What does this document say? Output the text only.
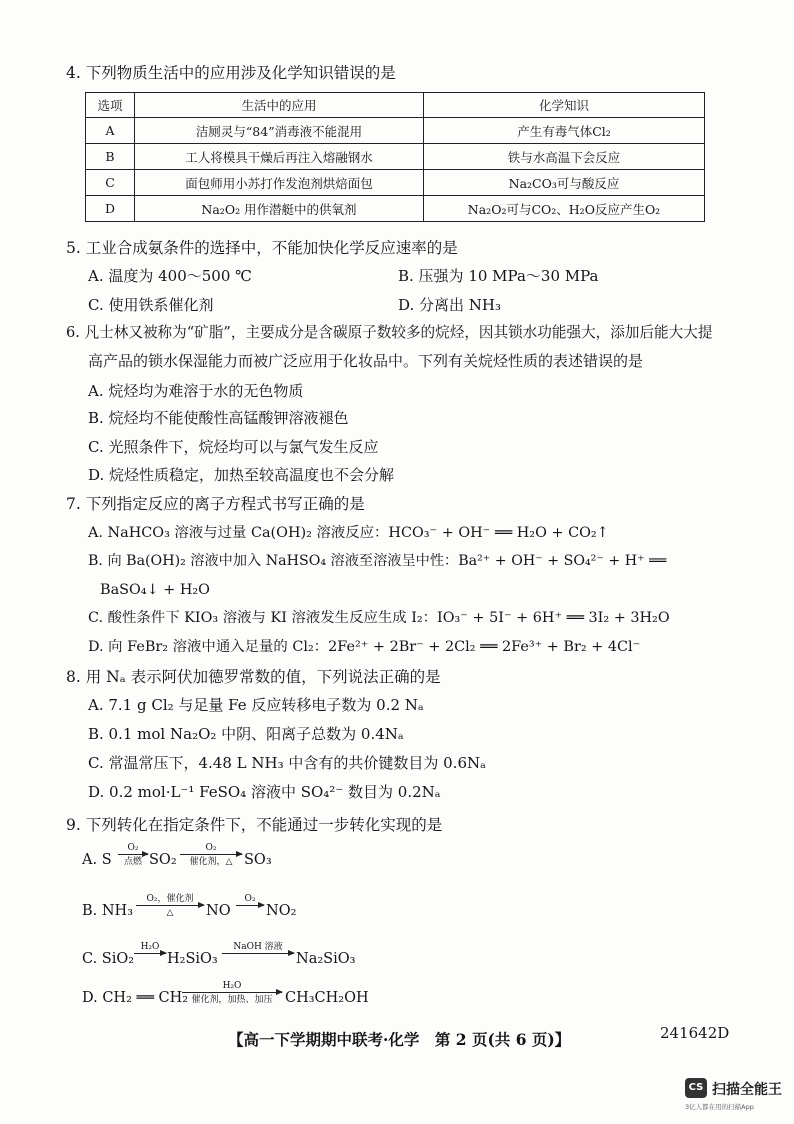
4. 下列物质生活中的应用涉及化学知识错误的是
选项	生活中的应用	化学知识
A	洁厕灵与“84”消毒液不能混用	产生有毒气体Cl₂
B	工人将模具干燥后再注入熔融钢水	铁与水高温下会反应
C	面包师用小苏打作发泡剂烘焙面包	Na₂CO₃可与酸反应
D	Na₂O₂ 用作潜艇中的供氧剂	Na₂O₂可与CO₂、H₂O反应产生O₂
5. 工业合成氨条件的选择中，不能加快化学反应速率的是
A. 温度为 400～500 ℃	B. 压强为 10 MPa～30 MPa
C. 使用铁系催化剂	D. 分离出 NH₃
6. 凡士林又被称为“矿脂”，主要成分是含碳原子数较多的烷烃，因其锁水功能强大，添加后能大大提
高产品的锁水保湿能力而被广泛应用于化妆品中。下列有关烷烃性质的表述错误的是
A. 烷烃均为难溶于水的无色物质
B. 烷烃均不能使酸性高锰酸钾溶液褪色
C. 光照条件下，烷烃均可以与氯气发生反应
D. 烷烃性质稳定，加热至较高温度也不会分解
7. 下列指定反应的离子方程式书写正确的是
A. NaHCO₃ 溶液与过量 Ca(OH)₂ 溶液反应：HCO₃⁻ + OH⁻ ══ H₂O + CO₂↑
B. 向 Ba(OH)₂ 溶液中加入 NaHSO₄ 溶液至溶液呈中性：Ba²⁺ + OH⁻ + SO₄²⁻ + H⁺ ══
BaSO₄↓ + H₂O
C. 酸性条件下 KIO₃ 溶液与 KI 溶液发生反应生成 I₂：IO₃⁻ + 5I⁻ + 6H⁺ ══ 3I₂ + 3H₂O
D. 向 FeBr₂ 溶液中通入足量的 Cl₂：2Fe²⁺ + 2Br⁻ + 2Cl₂ ══ 2Fe³⁺ + Br₂ + 4Cl⁻
8. 用 Nₐ 表示阿伏加德罗常数的值，下列说法正确的是
A. 7.1 g Cl₂ 与足量 Fe 反应转移电子数为 0.2 Nₐ
B. 0.1 mol Na₂O₂ 中阴、阳离子总数为 0.4Nₐ
C. 常温常压下，4.48 L NH₃ 中含有的共价键数目为 0.6Nₐ
D. 0.2 mol·L⁻¹ FeSO₄ 溶液中 SO₄²⁻ 数目为 0.2Nₐ
9. 下列转化在指定条件下，不能通过一步转化实现的是
A. S
O₂
点燃 SO₂
O₂
催化剂，△ SO₃
B. NH₃
O₂，催化剂
△	NO
O₂
NO₂
C. SiO₂
H₂O
H₂SiO₃
NaOH 溶液
Na₂SiO₃
D. CH₂ ══ CH₂
H₂O
催化剂，加热、加压 CH₃CH₂OH
【高一下学期期中联考·化学　第 2 页(共 6 页)】	241642D
CS 扫描全能王
3亿人都在用的扫描App
